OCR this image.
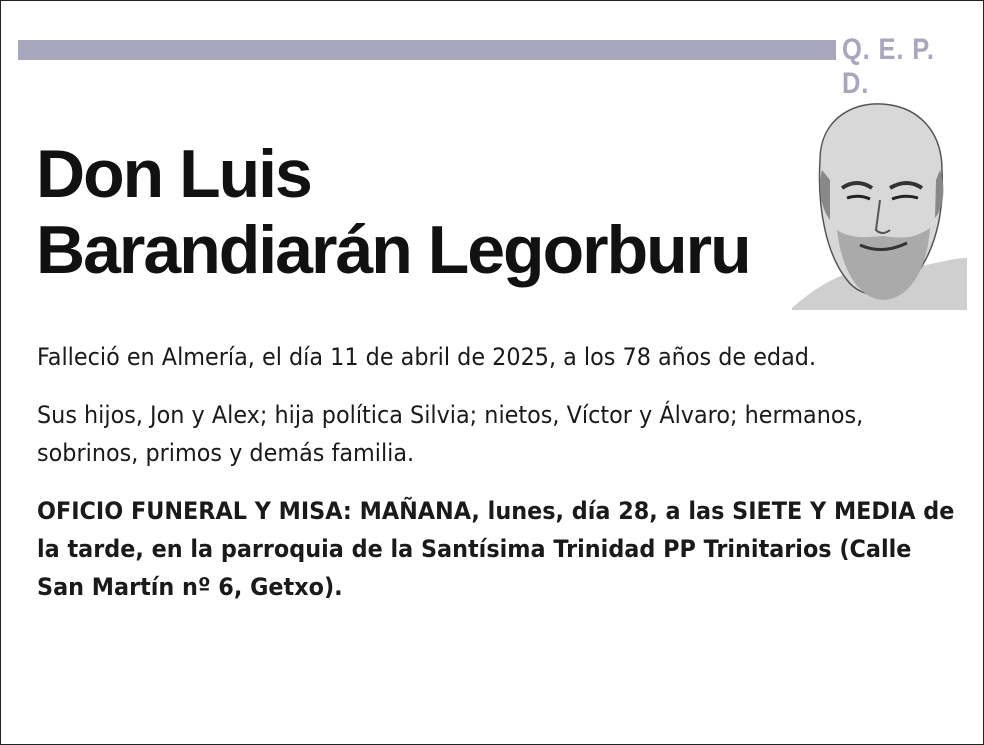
Q. E. P. D.
Don Luis
Barandiarán Legorburu

Falleció en Almería, el día 11 de abril de 2025, a los 78 años de edad.

Sus hijos, Jon y Alex; hija política Silvia; nietos, Víctor y Álvaro; hermanos, sobrinos, primos y demás familia.

OFICIO FUNERAL Y MISA: MAÑANA, lunes, día 28, a las SIETE Y MEDIA de la tarde, en la parroquia de la Santísima Trinidad PP Trinitarios (Calle San Martín nº 6, Getxo).
